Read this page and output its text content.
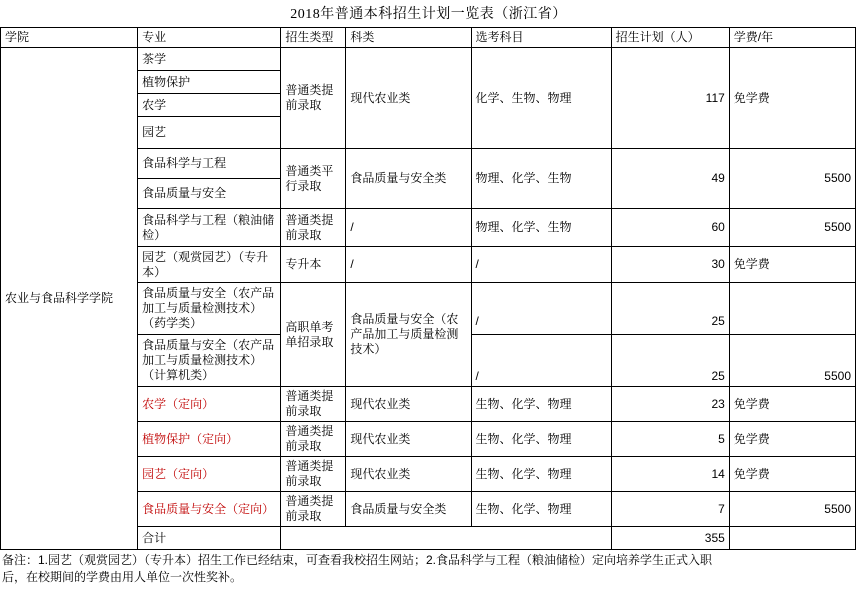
2018年普通本科招生计划一览表（浙江省）
学院	专业	招生类型	科类	选考科目	招生计划（人）	学费/年
农业与食品科学学院	茶学	普通类提前录取	现代农业类	化学、生物、物理	117	免学费
	植物保护					
	农学					
	园艺					
	食品科学与工程	普通类平行录取	食品质量与安全类	物理、化学、生物	49	5500
	食品质量与安全					
	食品科学与工程（粮油储检）	普通类提前录取	/	物理、化学、生物	60	5500
	园艺（观赏园艺）（专升本）	专升本	/	/	30	免学费
	食品质量与安全（农产品加工与质量检测技术）（药学类）	高职单考单招录取	食品质量与安全（农产品加工与质量检测技术）	/	25	
	食品质量与安全（农产品加工与质量检测技术）（计算机类）			/	25	5500
	农学（定向）	普通类提前录取	现代农业类	生物、化学、物理	23	免学费
	植物保护（定向）	普通类提前录取	现代农业类	生物、化学、物理	5	免学费
	园艺（定向）	普通类提前录取	现代农业类	生物、化学、物理	14	免学费
	食品质量与安全（定向）	普通类提前录取	食品质量与安全类	生物、化学、物理	7	5500
	合计				355	
备注：1.园艺（观赏园艺）（专升本）招生工作已经结束，可查看我校招生网站；2.食品科学与工程（粮油储检）定向培养学生正式入职
后，在校期间的学费由用人单位一次性奖补。
